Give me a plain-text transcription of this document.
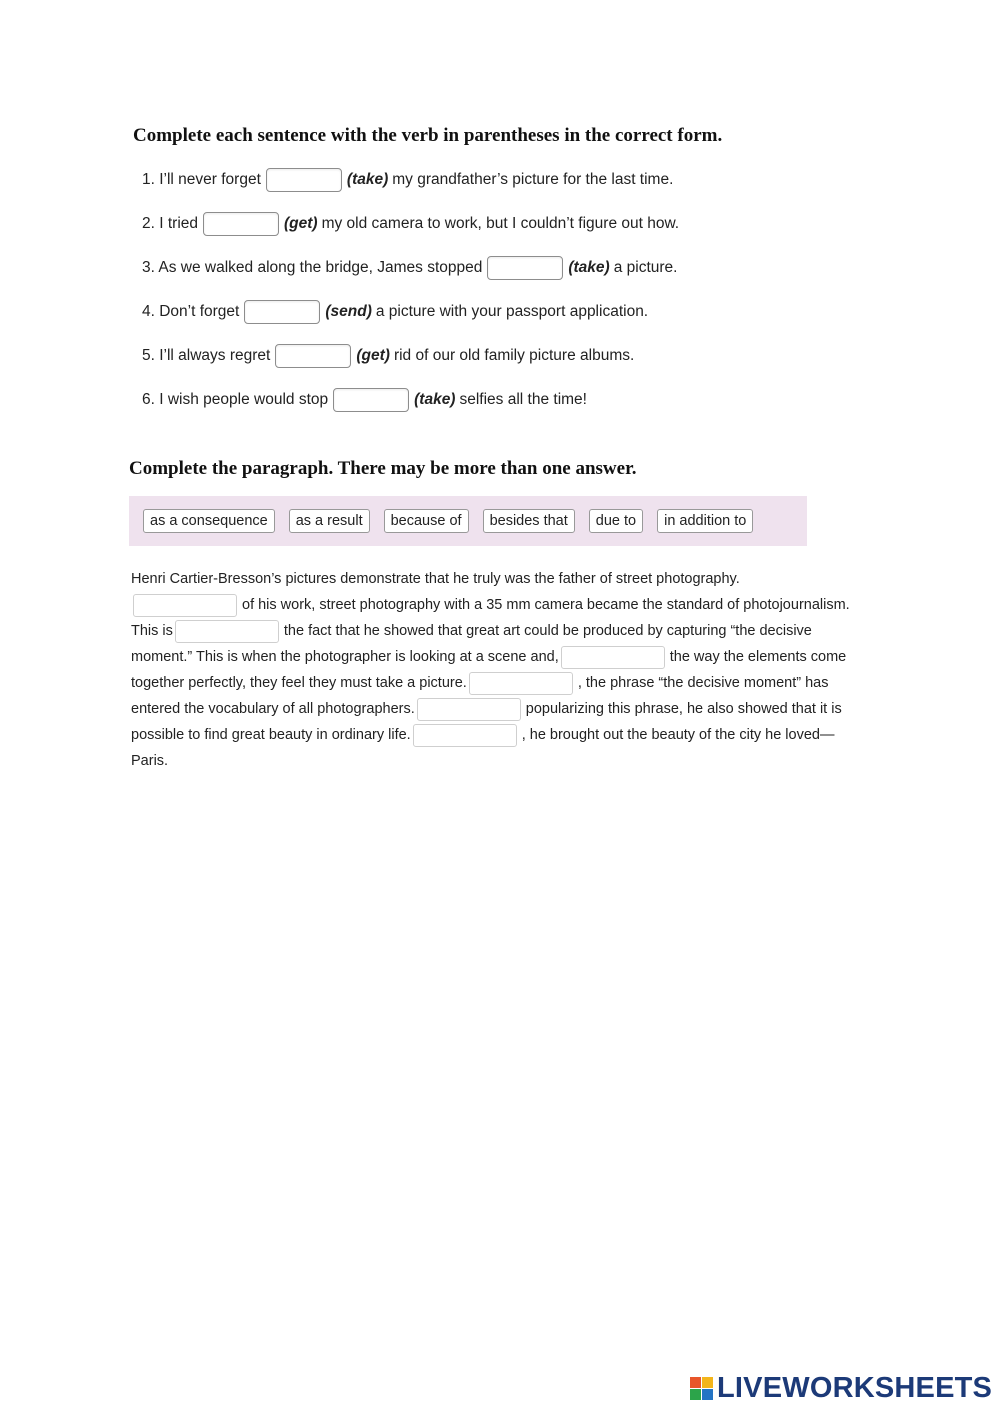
Complete each sentence with the verb in parentheses in the correct form.
1. I’ll never forget	(take) my grandfather’s picture for the last time.
2. I tried	(get) my old camera to work, but I couldn’t figure out how.
3. As we walked along the bridge, James stopped	(take) a picture.
4. Don’t forget	(send) a picture with your passport application.
5. I’ll always regret	(get) rid of our old family picture albums.
6. I wish people would stop	(take) selfies all the time!
Complete the paragraph. There may be more than one answer.
as a consequence	as a result	because of	besides that	due to	in addition to
Henri Cartier-Bresson’s pictures demonstrate that he truly was the father of street photography.
of his work, street photography with a 35 mm camera became the standard of photojournalism.
This is	the fact that he showed that great art could be produced by capturing “the decisive
moment.” This is when the photographer is looking at a scene and,	the way the elements come
together perfectly, they feel they must take a picture.	, the phrase “the decisive moment” has
entered the vocabulary of all photographers.	popularizing this phrase, he also showed that it is
possible to find great beauty in ordinary life.	, he brought out the beauty of the city he loved—
Paris.
LIVEWORKSHEETS
